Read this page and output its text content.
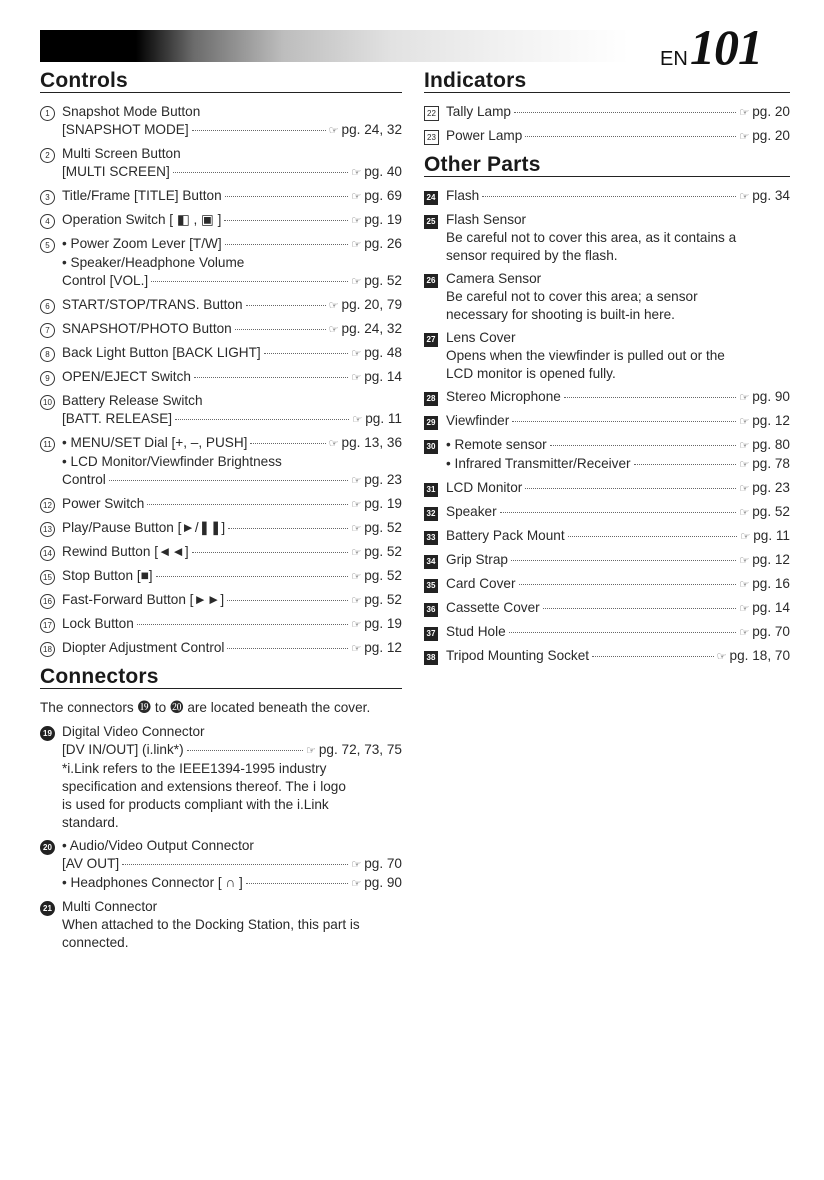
EN 101
Controls
1 Snapshot Mode Button
[SNAPSHOT MODE]	☞ pg. 24, 32
2 Multi Screen Button
[MULTI SCREEN]	☞ pg. 40
3 Title/Frame [TITLE] Button	☞ pg. 69
4 Operation Switch [ ◧ , ▣ ]	☞ pg. 19
5 • Power Zoom Lever [T/W]	☞ pg. 26
• Speaker/Headphone Volume
Control [VOL.]	☞ pg. 52
6 START/STOP/TRANS. Button	☞ pg. 20, 79
7 SNAPSHOT/PHOTO Button	☞ pg. 24, 32
8 Back Light Button [BACK LIGHT]	☞ pg. 48
9 OPEN/EJECT Switch	☞ pg. 14
10 Battery Release Switch
[BATT. RELEASE]	☞ pg. 11
11 • MENU/SET Dial [+, –, PUSH]	☞ pg. 13, 36
• LCD Monitor/Viewfinder Brightness
Control	☞ pg. 23
12 Power Switch	☞ pg. 19
13 Play/Pause Button [►/❚❚]	☞ pg. 52
14 Rewind Button [◄◄]	☞ pg. 52
15 Stop Button [■]	☞ pg. 52
16 Fast-Forward Button [►►]	☞ pg. 52
17 Lock Button	☞ pg. 19
18 Diopter Adjustment Control	☞ pg. 12
Connectors
The connectors ⓳ to ⓴ are located beneath the cover.
19 Digital Video Connector
[DV IN/OUT] (i.link*)	☞ pg. 72, 73, 75
*i.Link refers to the IEEE1394-1995 industry
specification and extensions thereof. The ⅰ logo
is used for products compliant with the i.Link
standard.
20 • Audio/Video Output Connector
[AV OUT]	☞ pg. 70
• Headphones Connector [ ∩ ]	☞ pg. 90
21 Multi Connector
When attached to the Docking Station, this part is
connected.
Indicators
22 Tally Lamp	☞ pg. 20
23 Power Lamp	☞ pg. 20
Other Parts
24 Flash	☞ pg. 34
25 Flash Sensor
Be careful not to cover this area, as it contains a
sensor required by the flash.
26 Camera Sensor
Be careful not to cover this area; a sensor
necessary for shooting is built-in here.
27 Lens Cover
Opens when the viewfinder is pulled out or the
LCD monitor is opened fully.
28 Stereo Microphone	☞ pg. 90
29 Viewfinder	☞ pg. 12
30 • Remote sensor	☞ pg. 80
• Infrared Transmitter/Receiver	☞ pg. 78
31 LCD Monitor	☞ pg. 23
32 Speaker	☞ pg. 52
33 Battery Pack Mount	☞ pg. 11
34 Grip Strap	☞ pg. 12
35 Card Cover	☞ pg. 16
36 Cassette Cover	☞ pg. 14
37 Stud Hole	☞ pg. 70
38 Tripod Mounting Socket	☞ pg. 18, 70
